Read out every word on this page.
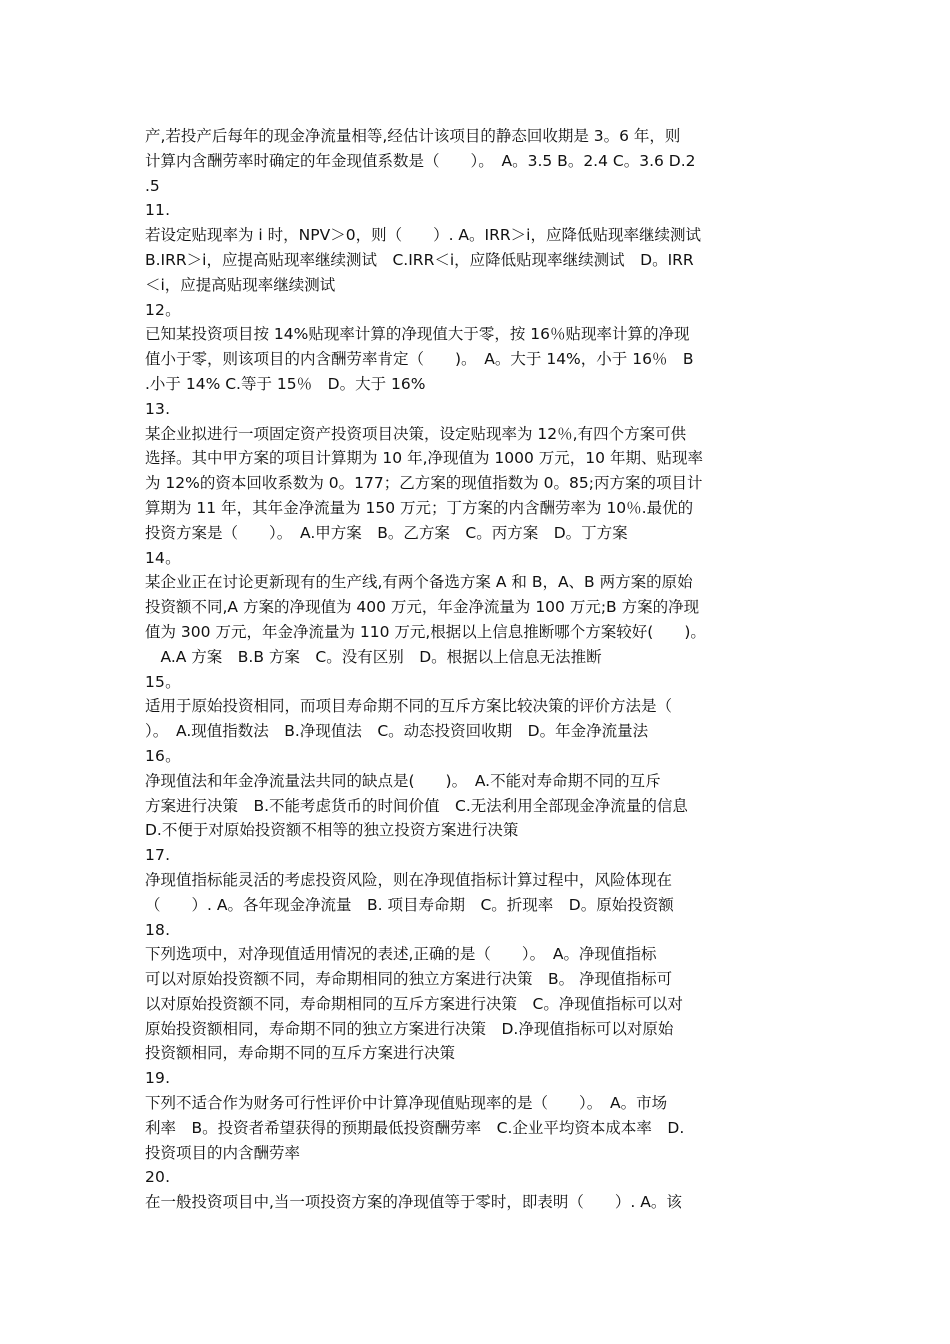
产,若投产后每年的现金净流量相等,经估计该项目的静态回收期是 3。6 年，则
计算内含酬劳率时确定的年金现值系数是（　　）。　A。3.5 B。2.4 C。3.6 D.2
.5
11.
若设定贴现率为 i 时，NPV＞0，则（　　）. A。IRR＞i，应降低贴现率继续测试
B.IRR＞i，应提高贴现率继续测试　C.IRR＜i，应降低贴现率继续测试　D。IRR
＜i，应提高贴现率继续测试
12。
已知某投资项目按 14%贴现率计算的净现值大于零，按 16％贴现率计算的净现
值小于零，则该项目的内含酬劳率肯定（　　)。　A。大于 14%，小于 16％　B
.小于 14% C.等于 15％　D。大于 16%
13.
某企业拟进行一项固定资产投资项目决策，设定贴现率为 12％,有四个方案可供
选择。其中甲方案的项目计算期为 10 年,净现值为 1000 万元，10 年期、贴现率
为 12%的资本回收系数为 0。177；乙方案的现值指数为 0。85;丙方案的项目计
算期为 11 年，其年金净流量为 150 万元；丁方案的内含酬劳率为 10％.最优的
投资方案是（　　）。　A.甲方案　B。乙方案　C。丙方案　D。丁方案
14。
某企业正在讨论更新现有的生产线,有两个备选方案 A 和 B，A、B 两方案的原始
投资额不同,A 方案的净现值为 400 万元，年金净流量为 100 万元;B 方案的净现
值为 300 万元，年金净流量为 110 万元,根据以上信息推断哪个方案较好(　　)。
　A.A 方案　B.B 方案　C。没有区别　D。根据以上信息无法推断
15。
适用于原始投资相同，而项目寿命期不同的互斥方案比较决策的评价方法是（
）。　A.现值指数法　B.净现值法　C。动态投资回收期　D。年金净流量法
16。
净现值法和年金净流量法共同的缺点是(　　)。　A.不能对寿命期不同的互斥
方案进行决策　B.不能考虑货币的时间价值　C.无法利用全部现金净流量的信息
D.不便于对原始投资额不相等的独立投资方案进行决策
17.
净现值指标能灵活的考虑投资风险，则在净现值指标计算过程中，风险体现在
（　　）. A。各年现金净流量　B. 项目寿命期　C。折现率　D。原始投资额
18.
下列选项中，对净现值适用情况的表述,正确的是（　　）。　A。净现值指标
可以对原始投资额不同，寿命期相同的独立方案进行决策　B。 净现值指标可
以对原始投资额不同，寿命期相同的互斥方案进行决策　C。净现值指标可以对
原始投资额相同，寿命期不同的独立方案进行决策　D.净现值指标可以对原始
投资额相同，寿命期不同的互斥方案进行决策
19.
下列不适合作为财务可行性评价中计算净现值贴现率的是（　　）。　A。市场
利率　B。投资者希望获得的预期最低投资酬劳率　C.企业平均资本成本率　D.
投资项目的内含酬劳率
20.
在一般投资项目中,当一项投资方案的净现值等于零时，即表明（　　）. A。该
